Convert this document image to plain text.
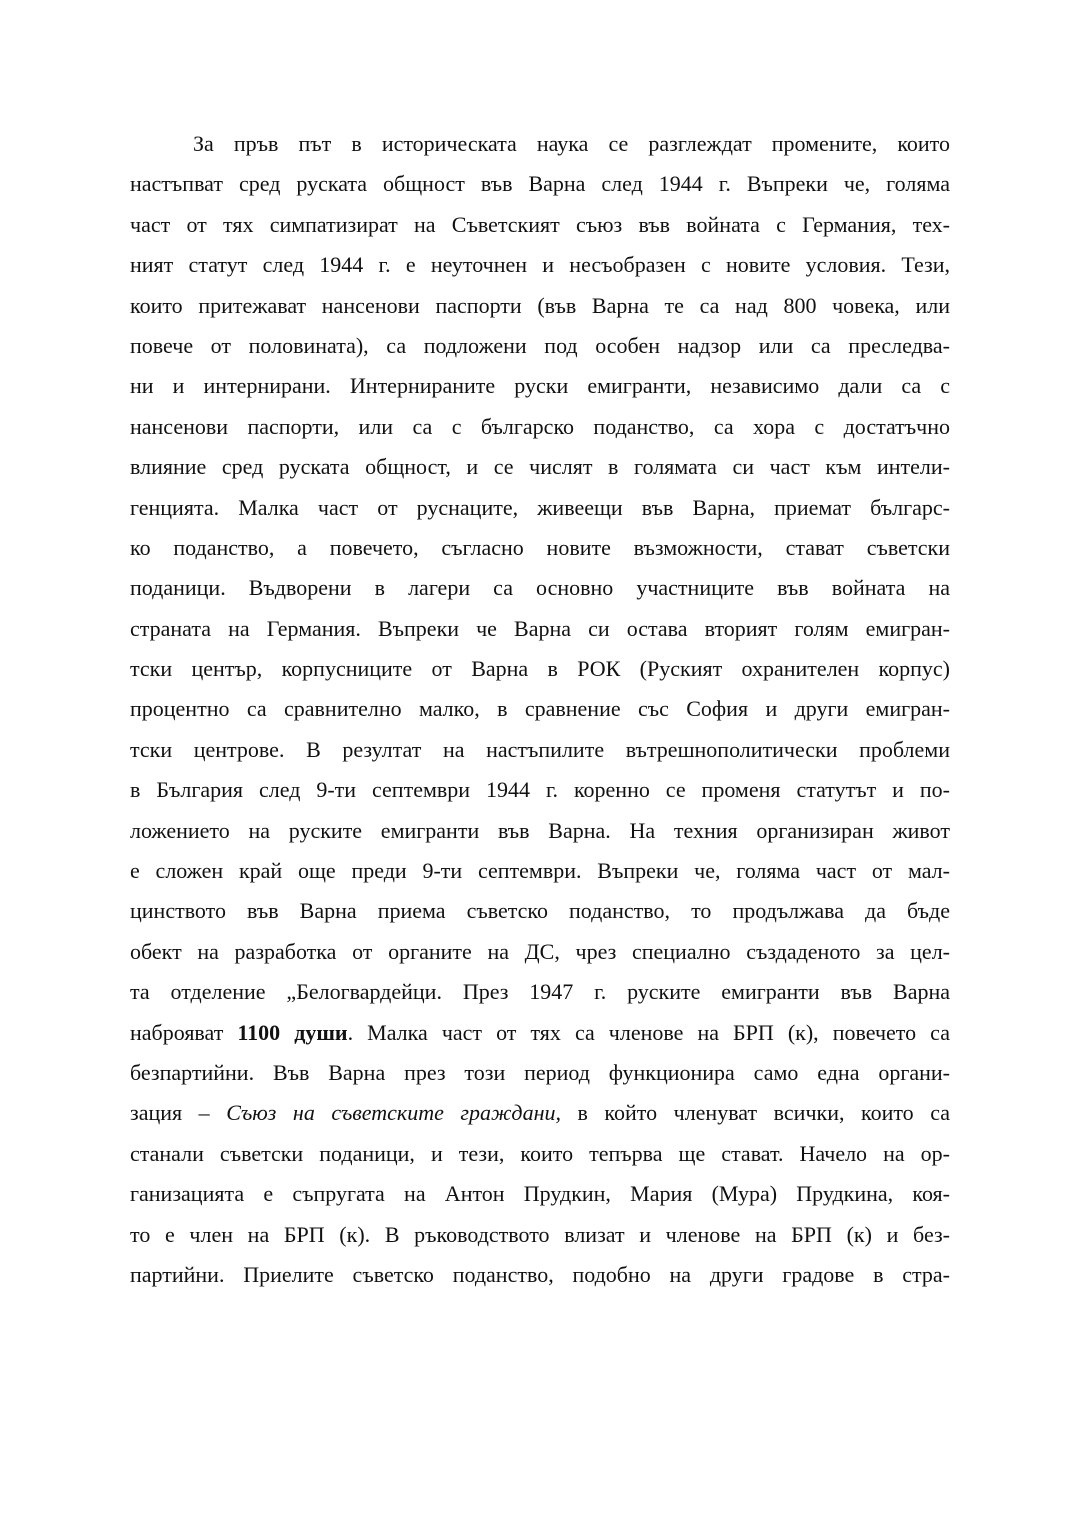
За пръв път в историческата наука се разглеждат промените, които
настъпват сред руската общност във Варна след 1944 г. Въпреки че, голяма
част от тях симпатизират на Съветският съюз във войната с Германия, тех-
ният статут след 1944 г. е неуточнен и несъобразен с новите условия. Тези,
които притежават нансенови паспорти (във Варна те са над 800 човека, или
повече от половината), са подложени под особен надзор или са преследва-
ни и интернирани. Интернираните руски емигранти, независимо дали са с
нансенови паспорти, или са с българско поданство, са хора с достатъчно
влияние сред руската общност, и се числят в голямата си част към интели-
генцията. Малка част от руснаците, живеещи във Варна, приемат българс-
ко поданство, а повечето, съгласно новите възможности, стават съветски
поданици. Въдворени в лагери са основно участниците във войната на
страната на Германия. Въпреки че Варна си остава вторият голям емигран-
тски център, корпусниците от Варна в РОК (Руският охранителен корпус)
процентно са сравнително малко, в сравнение със София и други емигран-
тски центрове. В резултат на настъпилите вътрешнополитически проблеми
в България след 9-ти септември 1944 г. коренно се променя статутът и по-
ложението на руските емигранти във Варна. На техния организиран живот
е сложен край още преди 9-ти септември. Въпреки че, голяма част от мал-
цинството във Варна приема съветско поданство, то продължава да бъде
обект на разработка от органите на ДС, чрез специално създаденото за цел-
та отделение „Белогвардейци. През 1947 г. руските емигранти във Варна
наброяват 1100 души. Малка част от тях са членове на БРП (к), повечето са
безпартийни. Във Варна през този период функционира само една органи-
зация – Съюз на съветските граждани, в който членуват всички, които са
станали съветски поданици, и тези, които тепърва ще стават. Начело на ор-
ганизацията е съпругата на Антон Прудкин, Мария (Мура) Прудкина, коя-
то е член на БРП (к). В ръководството влизат и членове на БРП (к) и без-
партийни. Приелите съветско поданство, подобно на други градове в стра-
